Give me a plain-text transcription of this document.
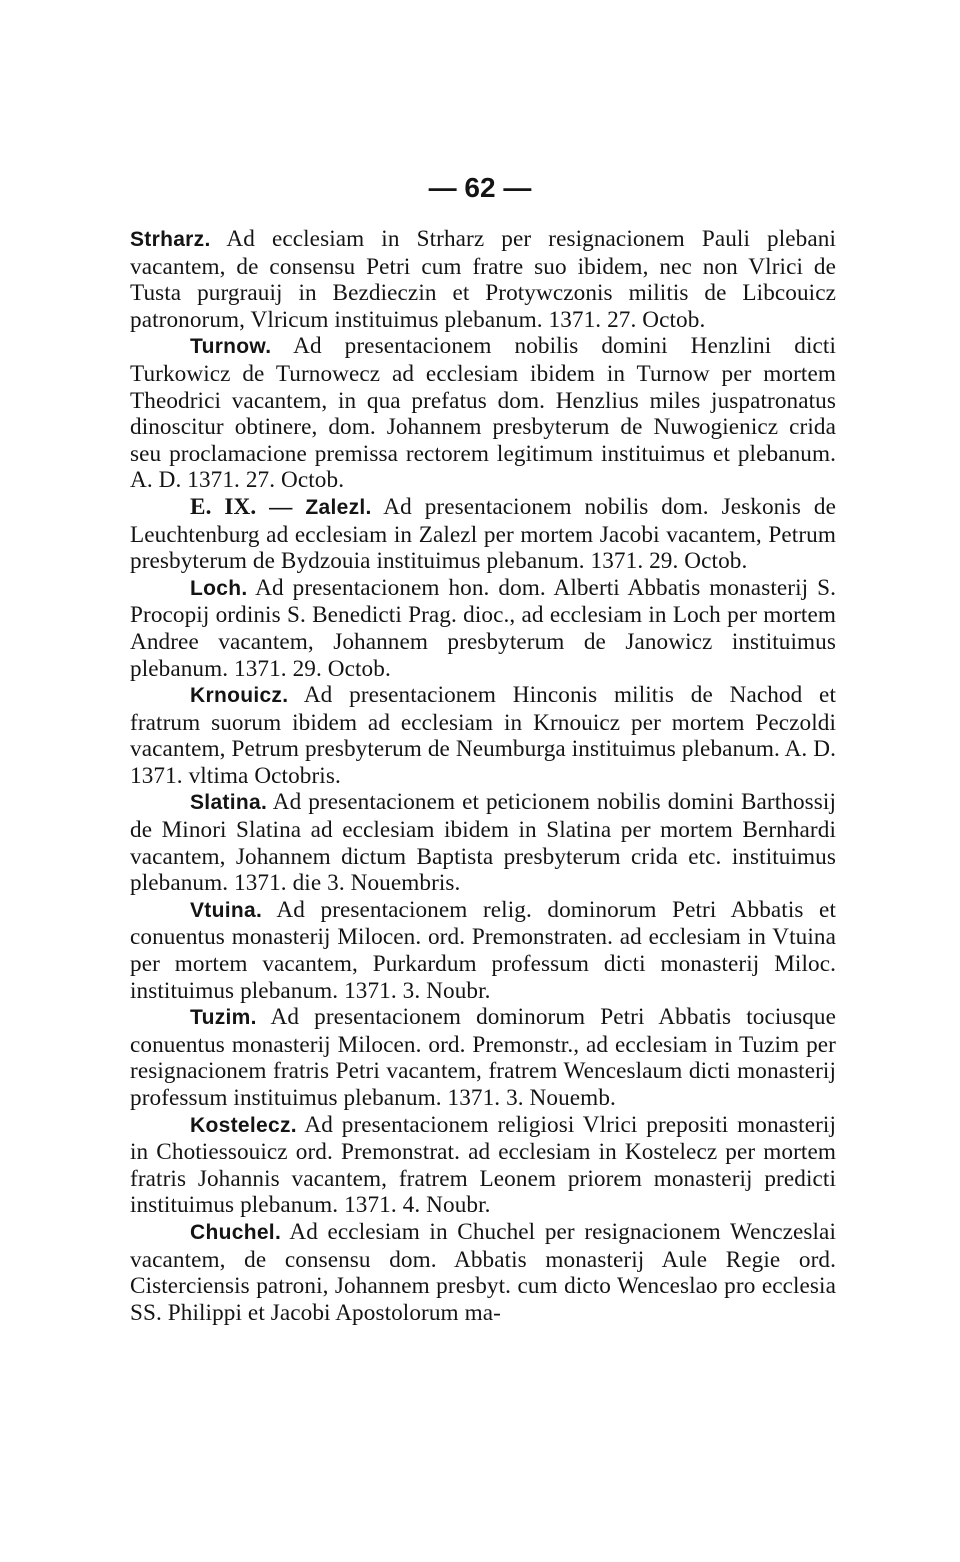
— 62 —

Strharz. Ad ecclesiam in Strharz per resignacionem Pauli plebani vacantem, de consensu Petri cum fratre suo ibidem, nec non Vlrici de Tusta purgrauij in Bezdieczin et Protywczonis militis de Libcouicz patronorum, Vlricum instituimus plebanum. 1371. 27. Octob.

Turnow. Ad presentacionem nobilis domini Henzlini dicti Turkowicz de Turnowecz ad ecclesiam ibidem in Turnow per mortem Theodrici vacantem, in qua prefatus dom. Henzlius miles juspatronatus dinoscitur obtinere, dom. Johannem presbyterum de Nuwogienicz crida seu proclamacione premissa rectorem legitimum instituimus et plebanum. A. D. 1371. 27. Octob.

E. IX. — Zalezl. Ad presentacionem nobilis dom. Jeskonis de Leuchtenburg ad ecclesiam in Zalezl per mortem Jacobi vacantem, Petrum presbyterum de Bydzouia instituimus plebanum. 1371. 29. Octob.

Loch. Ad presentacionem hon. dom. Alberti Abbatis monasterij S. Procopij ordinis S. Benedicti Prag. dioc., ad ecclesiam in Loch per mortem Andree vacantem, Johannem presbyterum de Janowicz instituimus plebanum. 1371. 29. Octob.

Krnouicz. Ad presentacionem Hinconis militis de Nachod et fratrum suorum ibidem ad ecclesiam in Krnouicz per mortem Peczoldi vacantem, Petrum presbyterum de Neumburga instituimus plebanum. A. D. 1371. vltima Octobris.

Slatina. Ad presentacionem et peticionem nobilis domini Barthossij de Minori Slatina ad ecclesiam ibidem in Slatina per mortem Bernhardi vacantem, Johannem dictum Baptista presbyterum crida etc. instituimus plebanum. 1371. die 3. Nouembris.

Vtuina. Ad presentacionem relig. dominorum Petri Abbatis et conuentus monasterij Milocen. ord. Premonstraten. ad ecclesiam in Vtuina per mortem vacantem, Purkardum professum dicti monasterij Miloc. instituimus plebanum. 1371. 3. Noubr.

Tuzim. Ad presentacionem dominorum Petri Abbatis tociusque conuentus monasterij Milocen. ord. Premonstr., ad ecclesiam in Tuzim per resignacionem fratris Petri vacantem, fratrem Wenceslaum dicti monasterij professum instituimus plebanum. 1371. 3. Nouemb.

Kostelecz. Ad presentacionem religiosi Vlrici prepositi monasterij in Chotiessouicz ord. Premonstrat. ad ecclesiam in Kostelecz per mortem fratris Johannis vacantem, fratrem Leonem priorem monasterij predicti instituimus plebanum. 1371. 4. Noubr.

Chuchel. Ad ecclesiam in Chuchel per resignacionem Wenczeslai vacantem, de consensu dom. Abbatis monasterij Aule Regie ord. Cisterciensis patroni, Johannem presbyt. cum dicto Wenceslao pro ecclesia SS. Philippi et Jacobi Apostolorum ma-
